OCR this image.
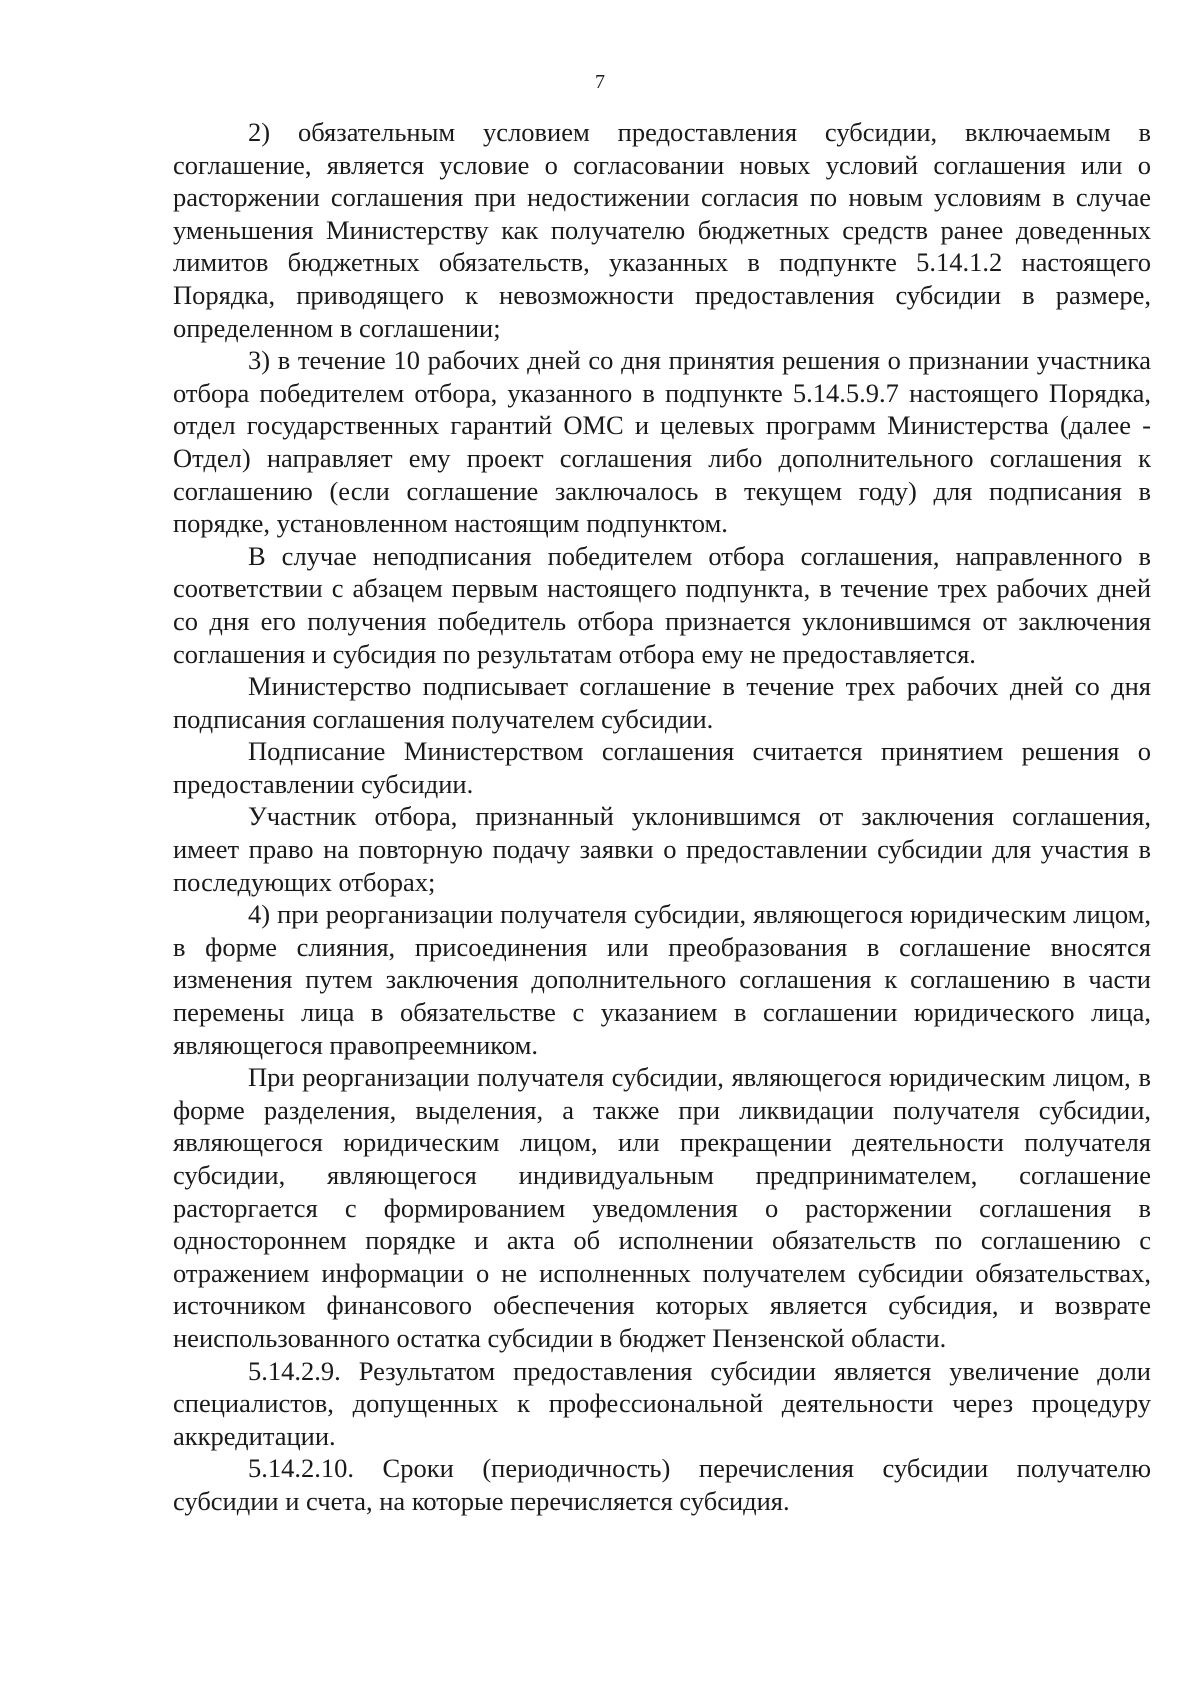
7

2) обязательным условием предоставления субсидии, включаемым в соглашение, является условие о согласовании новых условий соглашения или о расторжении соглашения при недостижении согласия по новым условиям в случае уменьшения Министерству как получателю бюджетных средств ранее доведенных лимитов бюджетных обязательств, указанных в подпункте 5.14.1.2 настоящего Порядка, приводящего к невозможности предоставления субсидии в размере, определенном в соглашении;

3) в течение 10 рабочих дней со дня принятия решения о признании участника отбора победителем отбора, указанного в подпункте 5.14.5.9.7 настоящего Порядка, отдел государственных гарантий ОМС и целевых программ Министерства (далее - Отдел) направляет ему проект соглашения либо дополнительного соглашения к соглашению (если соглашение заключалось в текущем году) для подписания в порядке, установленном настоящим подпунктом.

В случае неподписания победителем отбора соглашения, направленного в соответствии с абзацем первым настоящего подпункта, в течение трех рабочих дней со дня его получения победитель отбора признается уклонившимся от заключения соглашения и субсидия по результатам отбора ему не предоставляется.

Министерство подписывает соглашение в течение трех рабочих дней со дня подписания соглашения получателем субсидии.

Подписание Министерством соглашения считается принятием решения о предоставлении субсидии.

Участник отбора, признанный уклонившимся от заключения соглашения, имеет право на повторную подачу заявки о предоставлении субсидии для участия в последующих отборах;

4) при реорганизации получателя субсидии, являющегося юридическим лицом, в форме слияния, присоединения или преобразования в соглашение вносятся изменения путем заключения дополнительного соглашения к соглашению в части перемены лица в обязательстве с указанием в соглашении юридического лица, являющегося правопреемником.

При реорганизации получателя субсидии, являющегося юридическим лицом, в форме разделения, выделения, а также при ликвидации получателя субсидии, являющегося юридическим лицом, или прекращении деятельности получателя субсидии, являющегося индивидуальным предпринимателем, соглашение расторгается с формированием уведомления о расторжении соглашения в одностороннем порядке и акта об исполнении обязательств по соглашению с отражением информации о не исполненных получателем субсидии обязательствах, источником финансового обеспечения которых является субсидия, и возврате неиспользованного остатка субсидии в бюджет Пензенской области.

5.14.2.9. Результатом предоставления субсидии является увеличение доли специалистов, допущенных к профессиональной деятельности через процедуру аккредитации.

5.14.2.10. Сроки (периодичность) перечисления субсидии получателю субсидии и счета, на которые перечисляется субсидия.
